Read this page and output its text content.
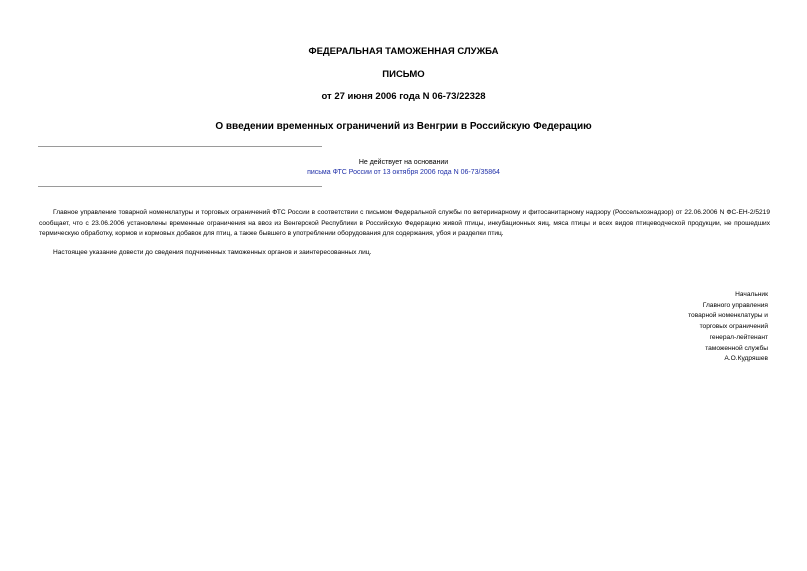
ФЕДЕРАЛЬНАЯ ТАМОЖЕННАЯ СЛУЖБА
ПИСЬМО
от 27 июня 2006 года N 06-73/22328
О введении временных ограничений из Венгрии в Российскую Федерацию
Не действует на основании
письма ФТС России от 13 октября 2006 года N 06-73/35864

Главное управление товарной номенклатуры и торговых ограничений ФТС России в соответствии с письмом Федеральной службы по ветеринарному и фитосанитарному надзору (Россельхознадзор) от 22.06.2006 N ФС-ЕН-2/5219 сообщает, что с 23.06.2006 установлены временные ограничения на ввоз из Венгерской Республики в Российскую Федерацию живой птицы, инкубационных яиц, мяса птицы и всех видов птицеводческой продукции, не прошедших термическую обработку, кормов и кормовых добавок для птиц, а также бывшего в употреблении оборудования для содержания, убоя и разделки птиц.

Настоящее указание довести до сведения подчиненных таможенных органов и заинтересованных лиц.

Начальник
Главного управления
товарной номенклатуры и
торговых ограничений
генерал-лейтенант
таможенной службы
А.О.Кудряшев
